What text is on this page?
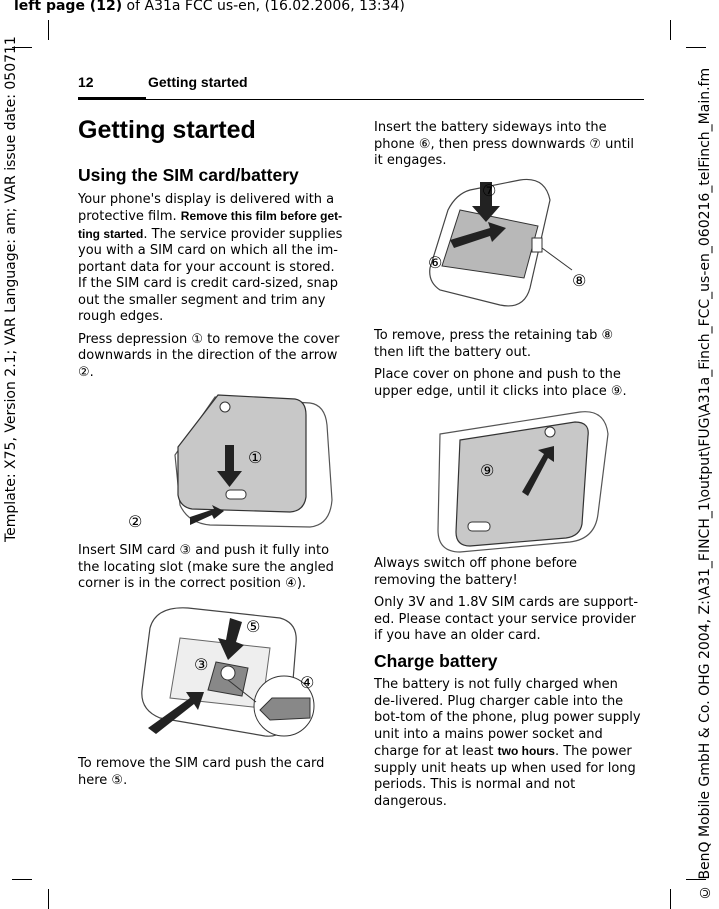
left page (12) of A31a FCC us-en, (16.02.2006, 13:34)
Template: X75, Version 2.1; VAR Language: am; VAR issue date: 050711	© BenQ Mobile GmbH & Co. OHG 2004, Z:\A31_FINCH_1\output\FUG\A31a_Finch_FCC_us-en_060216_telFinch_Main.fm
12	Getting started
Getting started
Using the SIM card/battery

Your phone's display is delivered with a protective film. Remove this film before get-ting started. The service provider supplies you with a SIM card on which all the im-portant data for your account is stored. If the SIM card is credit card-sized, snap out the smaller segment and trim any rough edges.

Press depression ① to remove the cover downwards in the direction of the arrow ②.

Insert SIM card ③ and push it fully into the locating slot (make sure the angled corner is in the correct position ④).

To remove the SIM card push the card here ⑤.

Insert the battery sideways into the phone ⑥, then press downwards ⑦ until it engages.

To remove, press the retaining tab ⑧ then lift the battery out.

Place cover on phone and push to the upper edge, until it clicks into place ⑨.

Always switch off phone before removing the battery!

Only 3V and 1.8V SIM cards are support-ed. Please contact your service provider if you have an older card.

Charge battery

The battery is not fully charged when de-livered. Plug charger cable into the bot-tom of the phone, plug power supply unit into a mains power socket and charge for at least two hours. The power supply unit heats up when used for long periods. This is normal and not dangerous.

①
②
③
④
⑤
⑥
⑦
⑧
⑨
